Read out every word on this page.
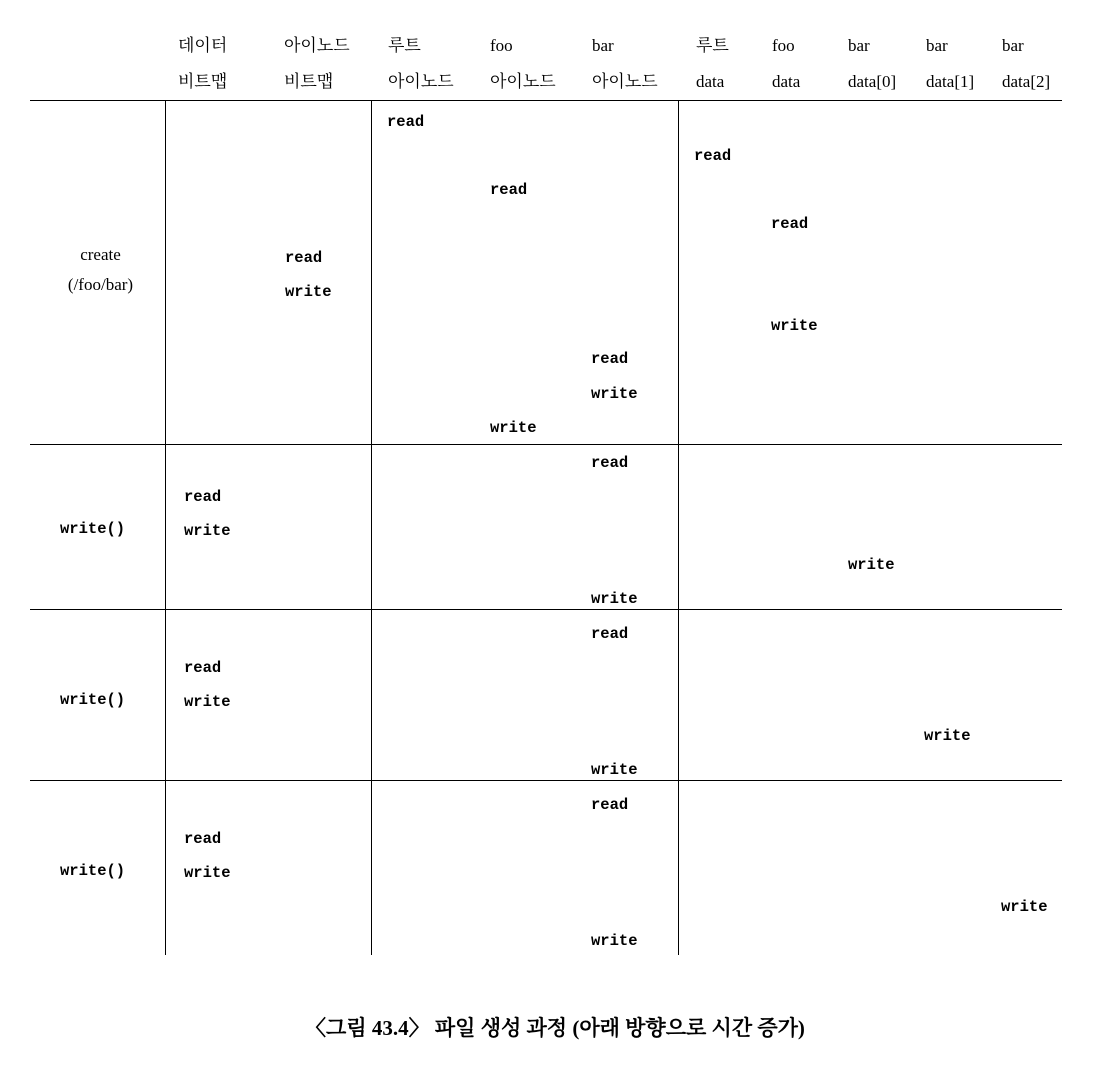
데이터
비트맵
아이노드
비트맵
루트
아이노드
foo
아이노드
bar
아이노드
루트
data
foo
data
bar
data[0]
bar
data[1]
bar
data[2]
create
(/foo/bar)
write()
write()
write()
read
read
read
read
read
write
write
read
write
write
read
read
write
write
write
read
read
write
write
write
read
read
write
write
write
〈그림 43.4〉 파일 생성 과정 (아래 방향으로 시간 증가)
